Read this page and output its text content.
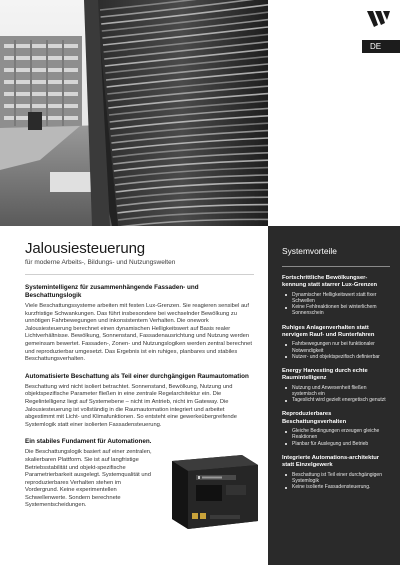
DE
Jalousiesteuerung
für moderne Arbeits-, Bildungs- und Nutzungswelten
Systemintelligenz für zusammenhängende Fassaden- und Beschattungslogik

Viele Beschattungssysteme arbeiten mit festen Lux-Grenzen. Sie reagieren sensibel auf kurzfristige Schwankungen. Das führt insbesondere bei wechselnder Bewölkung zu unnötigen Fahrbewegungen und inkonsistentem Verhalten. Die onework Jalousiesteuerung berechnet einen dynamischen Helligkeitswert auf Basis realer Lichtverhältnisse. Bewölkung, Sonnenstand, Fassadenausrichtung und Nutzung werden gemeinsam bewertet. Fassaden-, Zonen- und Nutzungslogiken werden zentral berechnet und reproduzierbar umgesetzt. Das Ergebnis ist ein ruhiges, planbares und stabiles Beschattungsverhalten.

Automatisierte Beschattung als Teil einer durchgängigen Raumautomation

Beschattung wird nicht isoliert betrachtet. Sonnenstand, Bewölkung, Nutzung und objektspezifische Parameter fließen in eine zentrale Regelarchitektur ein. Die Regelintelligenz liegt auf Systemebene – nicht im Antrieb, nicht im Gateway. Die Jalousiesteuerung ist vollständig in die Raumautomation integriert und arbeitet abgestimmt mit Licht- und Klimafunktionen. So entsteht eine gewerkeübergreifende Systemlogik statt einer isolierten Fassadensteuerung.

Ein stabiles Fundament für Automationen.

Die Beschattungslogik basiert auf einer zentralen, skalierbaren Plattform. Sie ist auf langfristige Betriebsstabilität und objekt-spezifische Parametrierbarkeit ausgelegt. Systemqualität und reproduzierbares Verhalten stehen im Vordergrund. Keine experimentellen Schwellenwerte. Sondern berechnete Systementscheidungen.

Systemvorteile
Fortschrittliche Bewölkungser-kennung statt starrer Lux-Grenzen
Dynamischer Helligkeitswert statt fixer Schwellen
Keine Fehlreaktionen bei winterlichem Sonnenschein
Ruhiges Anlagenverhalten statt nervigem Rauf- und Runterfahren
Fahrbewegungen nur bei funktionaler Notwendigkeit
Nutzer- und objektspezifisch definierbar
Energy Harvesting durch echte Raumintelligenz
Nutzung und Anwesenheit fließen systemisch ein
Tageslicht wird gezielt energetisch genutzt
Reproduzierbares Beschattungsverhalten
Gleiche Bedingungen erzeugen gleiche Reaktionen
Planbar für Auslegung und Betrieb
Integrierte Automations-architektur statt Einzelgewerk
Beschattung ist Teil einer durchgängigen Systemlogik
Keine isolierte Fassadensteuerung.
